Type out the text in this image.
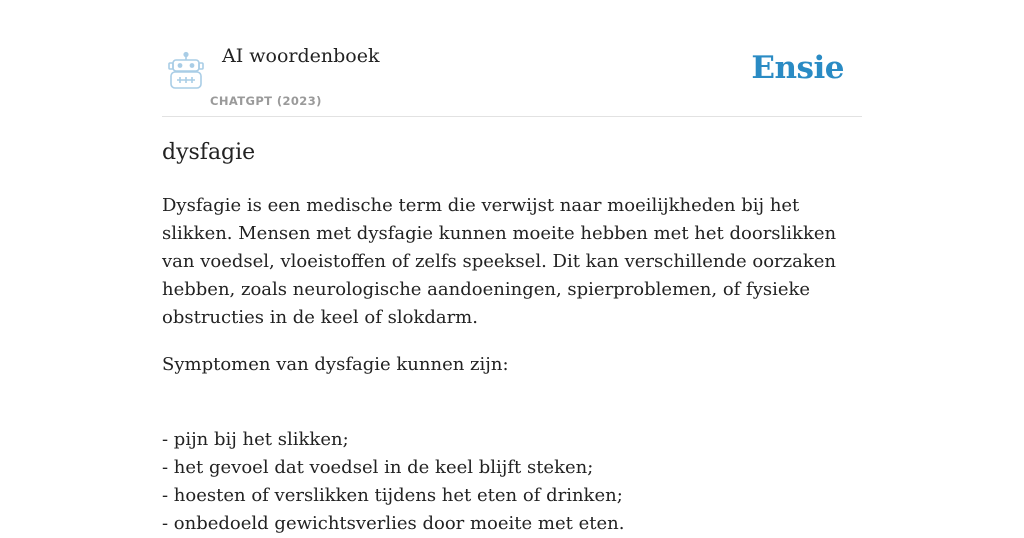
AI woordenboek
CHATGPT (2023)
Ensie
dysfagie

Dysfagie is een medische term die verwijst naar moeilijkheden bij het slikken. Mensen met dysfagie kunnen moeite hebben met het doorslikken van voedsel, vloeistoffen of zelfs speeksel. Dit kan verschillende oorzaken hebben, zoals neurologische aandoeningen, spierproblemen, of fysieke obstructies in de keel of slokdarm.

Symptomen van dysfagie kunnen zijn:

- pijn bij het slikken;
- het gevoel dat voedsel in de keel blijft steken;
- hoesten of verslikken tijdens het eten of drinken;
- onbedoeld gewichtsverlies door moeite met eten.
